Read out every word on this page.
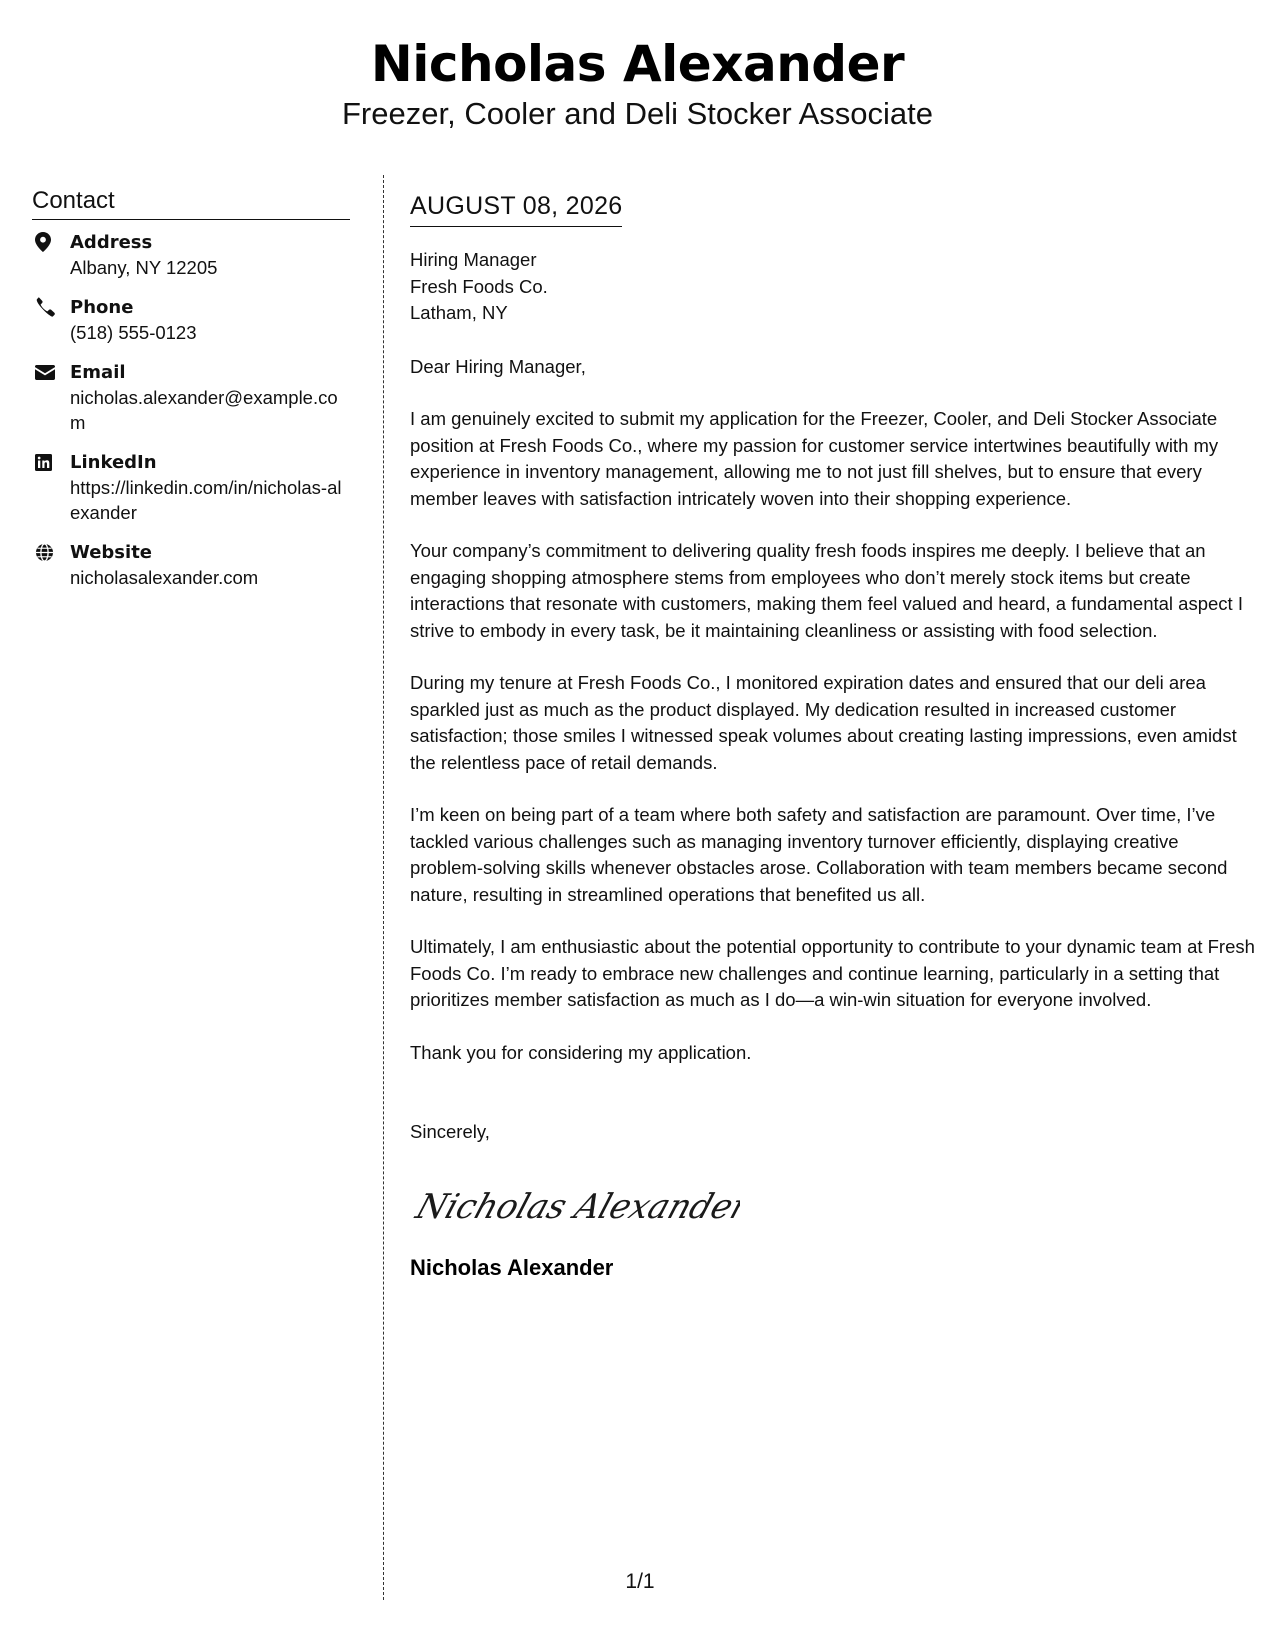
Nicholas Alexander
Freezer, Cooler and Deli Stocker Associate
Contact
Address
Albany, NY 12205
Phone
(518) 555-0123
Email
nicholas.alexander@example.com
LinkedIn
https://linkedin.com/in/nicholas-alexander
Website
nicholasalexander.com
AUGUST 08, 2026
Hiring Manager
Fresh Foods Co.
Latham, NY
Dear Hiring Manager,
I am genuinely excited to submit my application for the Freezer, Cooler, and Deli Stocker Associate position at Fresh Foods Co., where my passion for customer service intertwines beautifully with my experience in inventory management, allowing me to not just fill shelves, but to ensure that every member leaves with satisfaction intricately woven into their shopping experience.
Your company’s commitment to delivering quality fresh foods inspires me deeply. I believe that an engaging shopping atmosphere stems from employees who don’t merely stock items but create interactions that resonate with customers, making them feel valued and heard, a fundamental aspect I strive to embody in every task, be it maintaining cleanliness or assisting with food selection.
During my tenure at Fresh Foods Co., I monitored expiration dates and ensured that our deli area sparkled just as much as the product displayed. My dedication resulted in increased customer satisfaction; those smiles I witnessed speak volumes about creating lasting impressions, even amidst the relentless pace of retail demands.
I’m keen on being part of a team where both safety and satisfaction are paramount. Over time, I’ve tackled various challenges such as managing inventory turnover efficiently, displaying creative problem-solving skills whenever obstacles arose. Collaboration with team members became second nature, resulting in streamlined operations that benefited us all.
Ultimately, I am enthusiastic about the potential opportunity to contribute to your dynamic team at Fresh Foods Co. I’m ready to embrace new challenges and continue learning, particularly in a setting that prioritizes member satisfaction as much as I do—a win-win situation for everyone involved.
Thank you for considering my application.
Sincerely,
Nicholas Alexander
Nicholas Alexander
1/1
